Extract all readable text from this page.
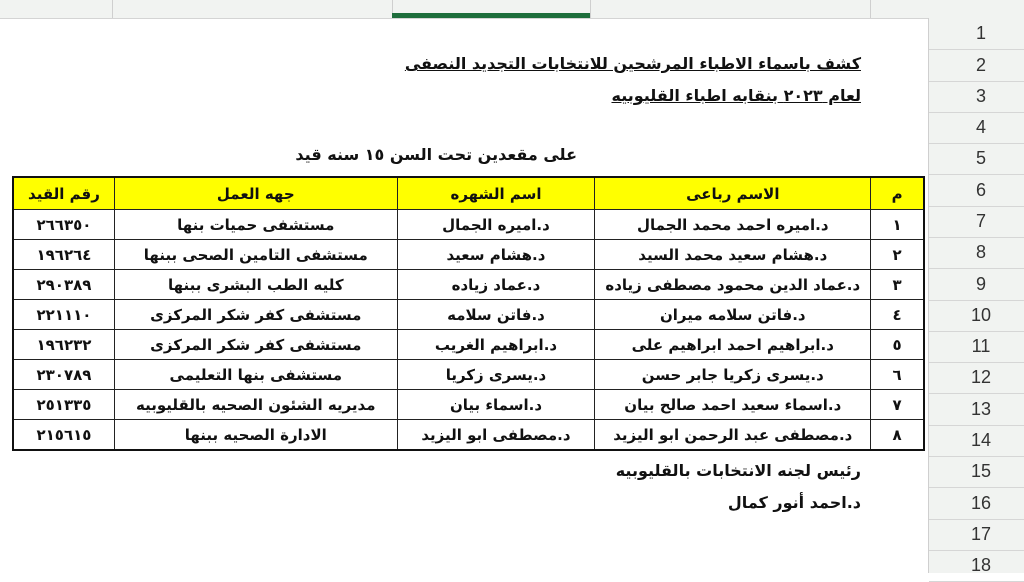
1
2
3
4
5
6
7
8
9
10
11
12
13
14
15
16
17
18
كشف باسماء الاطباء المرشحين للانتخابات التجديد النصفى
لعام ٢٠٢٣ بنقابه اطباء القليوبيه
على مقعدين تحت السن ١٥ سنه قيد
م	الاسم رباعى	اسم الشهره	جهه العمل	رقم القيد
١	د.اميره احمد محمد الجمال	د.اميره الجمال	مستشفى حميات بنها	٢٦٦٣٥٠
٢	د.هشام سعيد محمد السيد	د.هشام سعيد	مستشفى التامين الصحى ببنها	١٩٦٢٦٤
٣	د.عماد الدين محمود مصطفى زياده	د.عماد زياده	كليه الطب البشرى ببنها	٢٩٠٣٨٩
٤	د.فاتن سلامه ميران	د.فاتن سلامه	مستشفى كفر شكر المركزى	٢٢١١١٠
٥	د.ابراهيم احمد ابراهيم على	د.ابراهيم الغريب	مستشفى كفر شكر المركزى	١٩٦٢٣٢
٦	د.يسرى زكريا جابر حسن	د.يسرى زكريا	مستشفى بنها التعليمى	٢٣٠٧٨٩
٧	د.اسماء سعيد احمد صالح بيان	د.اسماء بيان	مديريه الشئون الصحيه بالقليوبيه	٢٥١٣٣٥
٨	د.مصطفى عبد الرحمن ابو اليزيد	د.مصطفى ابو اليزيد	الادارة الصحيه ببنها	٢١٥٦١٥
رئيس لجنه الانتخابات بالقليوبيه
د.احمد أنور كمال
